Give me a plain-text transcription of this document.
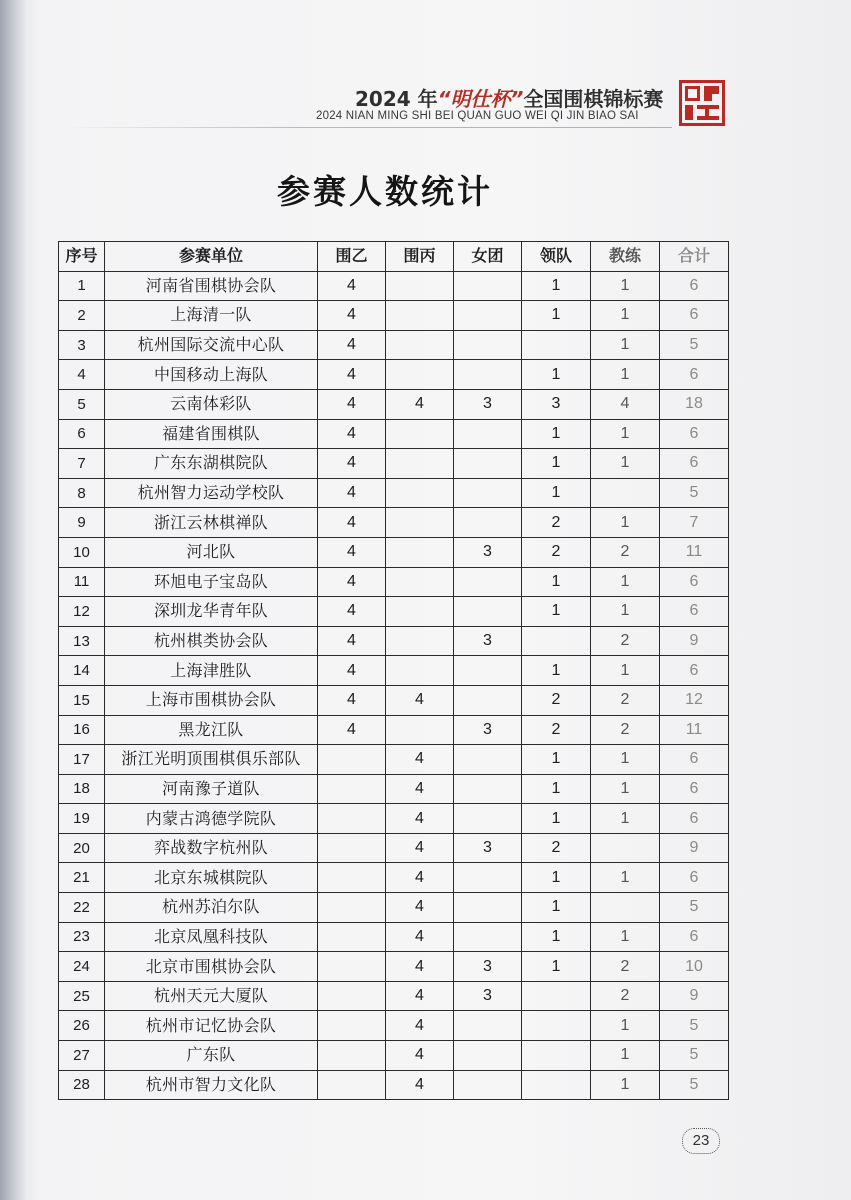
2024 年“明仕杯”全国围棋锦标赛
2024 NIAN MING SHI BEI QUAN GUO WEI QI JIN BIAO SAI
参赛人数统计
序号	参赛单位	围乙	围丙	女团	领队	教练	合计
1	河南省围棋协会队	4			1	1	6
2	上海清一队	4			1	1	6
3	杭州国际交流中心队	4				1	5
4	中国移动上海队	4			1	1	6
5	云南体彩队	4	4	3	3	4	18
6	福建省围棋队	4			1	1	6
7	广东东湖棋院队	4			1	1	6
8	杭州智力运动学校队	4			1		5
9	浙江云林棋禅队	4			2	1	7
10	河北队	4		3	2	2	11
11	环旭电子宝岛队	4			1	1	6
12	深圳龙华青年队	4			1	1	6
13	杭州棋类协会队	4		3		2	9
14	上海津胜队	4			1	1	6
15	上海市围棋协会队	4	4		2	2	12
16	黑龙江队	4		3	2	2	11
17	浙江光明顶围棋俱乐部队		4		1	1	6
18	河南豫子道队		4		1	1	6
19	内蒙古鸿德学院队		4		1	1	6
20	弈战数字杭州队		4	3	2		9
21	北京东城棋院队		4		1	1	6
22	杭州苏泊尔队		4		1		5
23	北京凤凰科技队		4		1	1	6
24	北京市围棋协会队		4	3	1	2	10
25	杭州天元大厦队		4	3		2	9
26	杭州市记忆协会队		4			1	5
27	广东队		4			1	5
28	杭州市智力文化队		4			1	5
23
